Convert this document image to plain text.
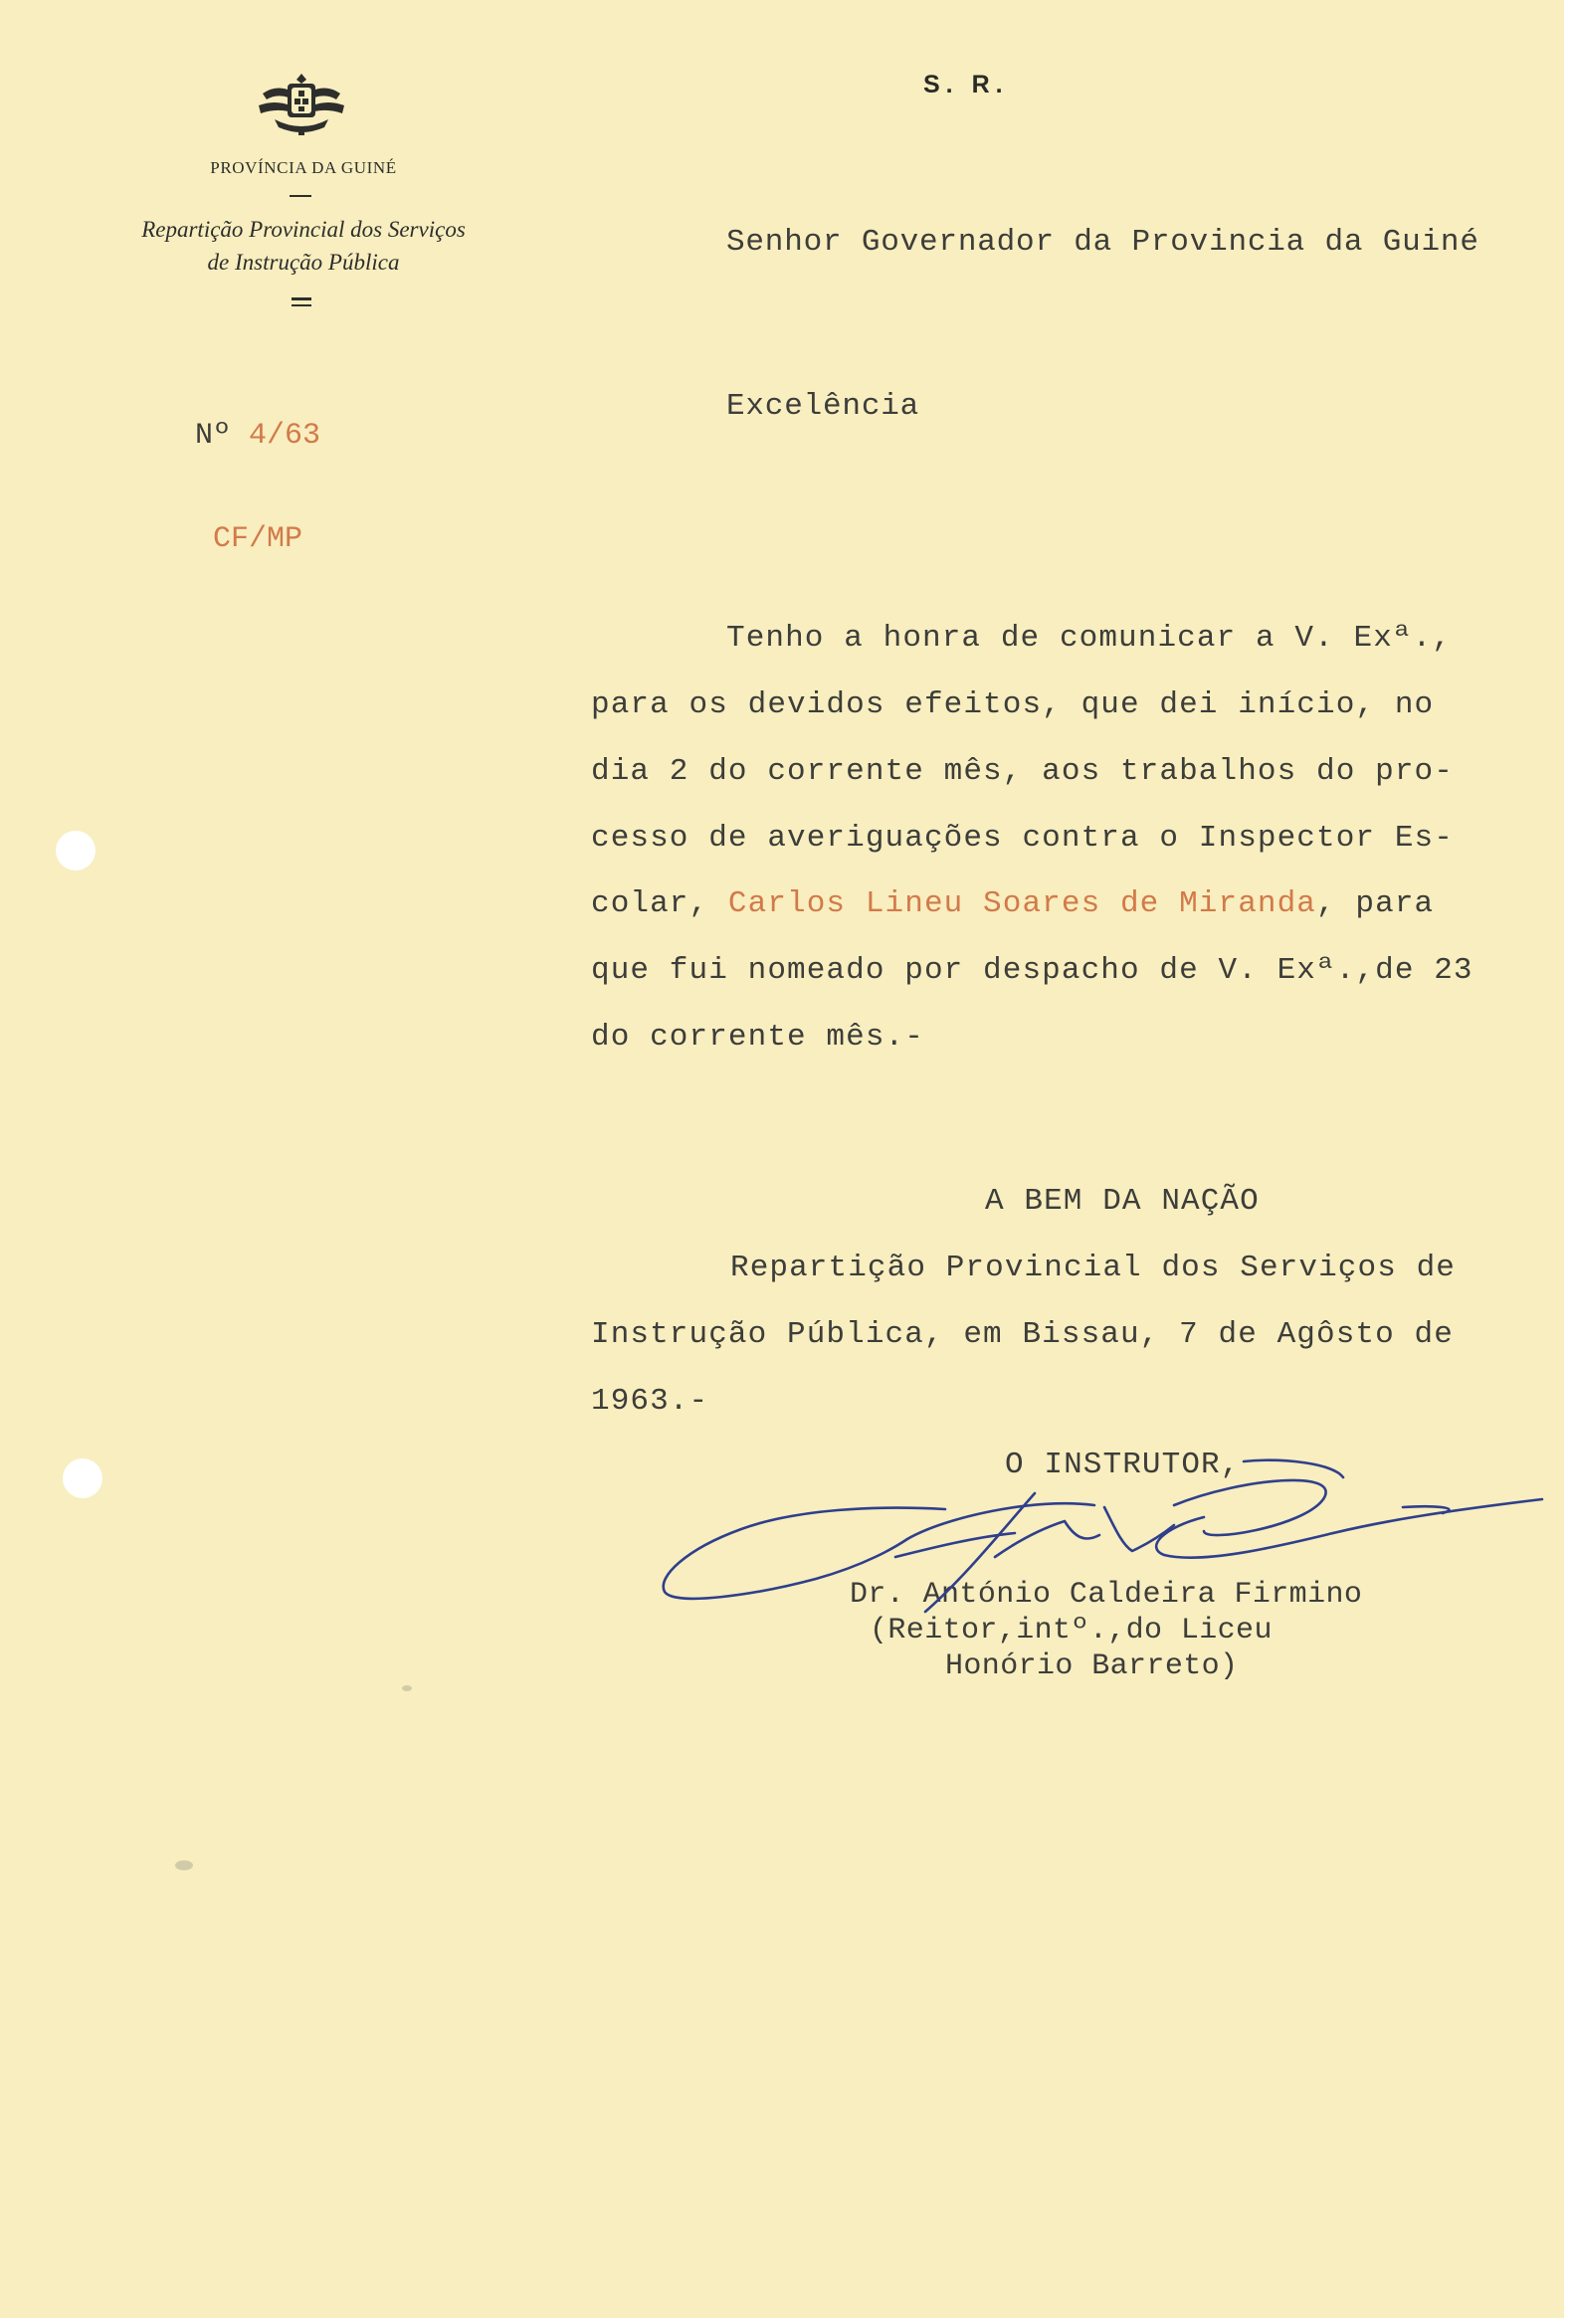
PROVÍNCIA DA GUINÉ
Repartição Provincial dos Serviços
de Instrução Pública
Nº 4/63
CF/MP
S. R.
Senhor Governador da Provincia da Guiné
Excelência
Tenho a honra de comunicar a V. Exª.,
para os devidos efeitos, que dei início, no
dia 2 do corrente mês, aos trabalhos do pro-
cesso de averiguações contra o Inspector Es-
colar, Carlos Lineu Soares de Miranda, para
que fui nomeado por despacho de V. Exª.,de 23
do corrente mês.-
A BEM DA NAÇÃO
Repartição Provincial dos Serviços de
Instrução Pública, em Bissau, 7 de Agôsto de
1963.-
O INSTRUTOR,
Dr. António Caldeira Firmino
(Reitor,intº.,do Liceu
Honório Barreto)
